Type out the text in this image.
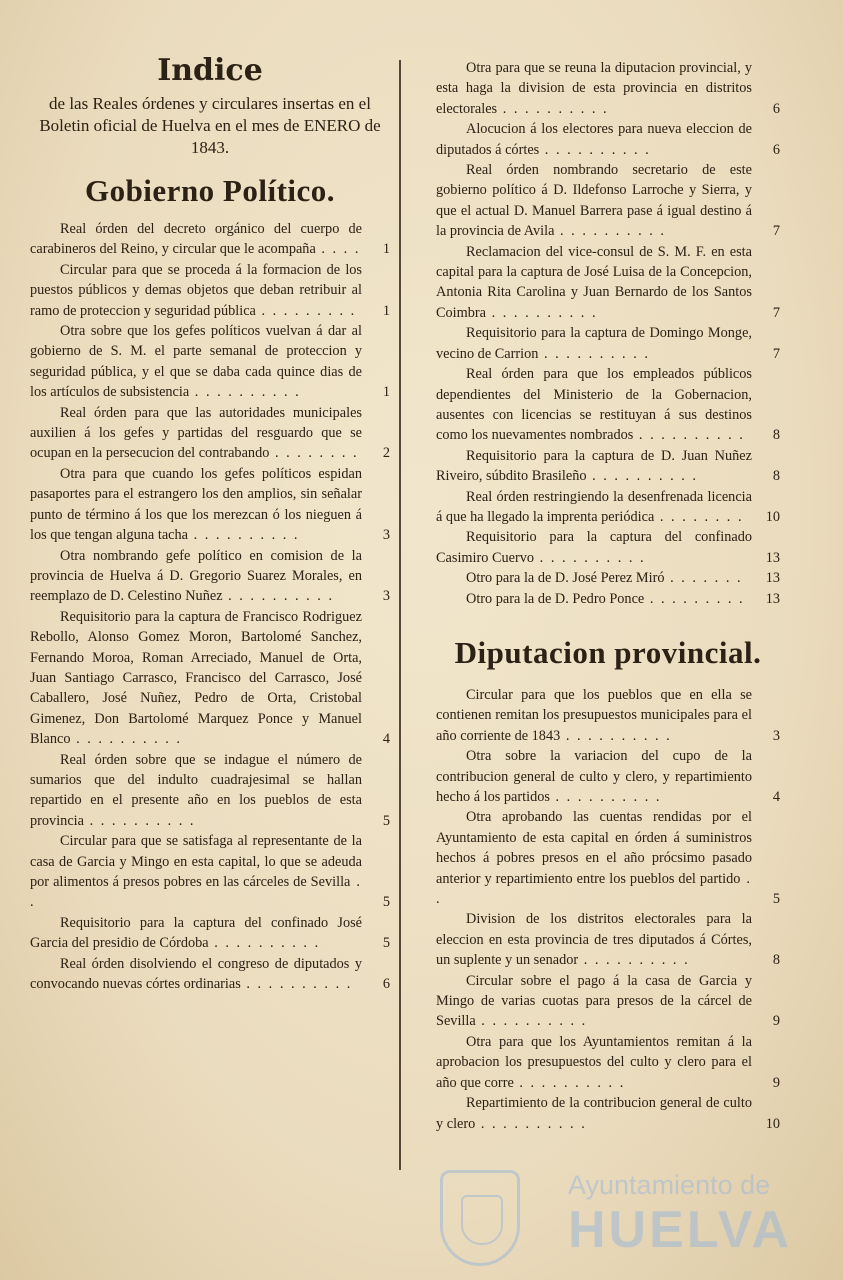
Indice
de las Reales órdenes y circulares insertas en el Boletin oficial de Huelva en el mes de ENERO de 1843.
Gobierno Político.

Real órden del decreto orgánico del cuerpo de carabineros del Reino, y circular que le acompaña . . . .	1

Circular para que se proceda á la formacion de los puestos públicos y demas objetos que deban retribuir al ramo de proteccion y seguridad pública . . . . . . . . .	1

Otra sobre que los gefes políticos vuelvan á dar al gobierno de S. M. el parte semanal de proteccion y seguridad pública, y el que se daba cada quince dias de los artículos de subsistencia . . . . . . . . . .	1

Real órden para que las autoridades municipales auxilien á los gefes y partidas del resguardo que se ocupan en la persecucion del contrabando . . . . . . . .	2

Otra para que cuando los gefes políticos espidan pasaportes para el estrangero los den amplios, sin señalar punto de término á los que los merezcan ó los nieguen á los que tengan alguna tacha . . . . . . . . . .	3

Otra nombrando gefe político en comision de la provincia de Huelva á D. Gregorio Suarez Morales, en reemplazo de D. Celestino Nuñez . . . . . . . . . .	3

Requisitorio para la captura de Francisco Rodriguez Rebollo, Alonso Gomez Moron, Bartolomé Sanchez, Fernando Moroa, Roman Arreciado, Manuel de Orta, Juan Santiago Carrasco, Francisco del Carrasco, José Caballero, José Nuñez, Pedro de Orta, Cristobal Gimenez, Don Bartolomé Marquez Ponce y Manuel Blanco . . . . . . . . . .	4

Real órden sobre que se indague el número de sumarios que del indulto cuadrajesimal se hallan repartido en el presente año en los pueblos de esta provincia . . . . . . . . . .	5

Circular para que se satisfaga al representante de la casa de Garcia y Mingo en esta capital, lo que se adeuda por alimentos á presos pobres en las cárceles de Sevilla . .	5

Requisitorio para la captura del confinado José Garcia del presidio de Córdoba . . . . . . . . . .	5

Real órden disolviendo el congreso de diputados y convocando nuevas córtes ordinarias . . . . . . . . . .	6

Otra para que se reuna la diputacion provincial, y esta haga la division de esta provincia en distritos electorales . . . . . . . . . .	6

Alocucion á los electores para nueva eleccion de diputados á córtes . . . . . . . . . .	6

Real órden nombrando secretario de este gobierno político á D. Ildefonso Larroche y Sierra, y que el actual D. Manuel Barrera pase á igual destino á la provincia de Avila . . . . . . . . . .	7

Reclamacion del vice-consul de S. M. F. en esta capital para la captura de José Luisa de la Concepcion, Antonia Rita Carolina y Juan Bernardo de los Santos Coimbra . . . . . . . . . .	7

Requisitorio para la captura de Domingo Monge, vecino de Carrion . . . . . . . . . .	7

Real órden para que los empleados públicos dependientes del Ministerio de la Gobernacion, ausentes con licencias se restituyan á sus destinos como los nuevamentes nombrados . . . . . . . . . .	8

Requisitorio para la captura de D. Juan Nuñez Riveiro, súbdito Brasileño . . . . . . . . . .	8

Real órden restringiendo la desenfrenada licencia á que ha llegado la imprenta periódica . . . . . . . .	10

Requisitorio para la captura del confinado Casimiro Cuervo . . . . . . . . . .	13

Otro para la de D. José Perez Miró . . . . . . .	13

Otro para la de D. Pedro Ponce . . . . . . . . .	13
Diputacion provincial.

Circular para que los pueblos que en ella se contienen remitan los presupuestos municipales para el año corriente de 1843 . . . . . . . . . .	3

Otra sobre la variacion del cupo de la contribucion general de culto y clero, y repartimiento hecho á los partidos . . . . . . . . . .	4

Otra aprobando las cuentas rendidas por el Ayuntamiento de esta capital en órden á suministros hechos á pobres presos en el año prócsimo pasado anterior y repartimiento entre los pueblos del partido . .	5

Division de los distritos electorales para la eleccion en esta provincia de tres diputados á Córtes, un suplente y un senador . . . . . . . . . .	8

Circular sobre el pago á la casa de Garcia y Mingo de varias cuotas para presos de la cárcel de Sevilla . . . . . . . . . .	9

Otra para que los Ayuntamientos remitan á la aprobacion los presupuestos del culto y clero para el año que corre . . . . . . . . . .	9

Repartimiento de la contribucion general de culto y clero . . . . . . . . . .	10
Ayuntamiento de
HUELVA
